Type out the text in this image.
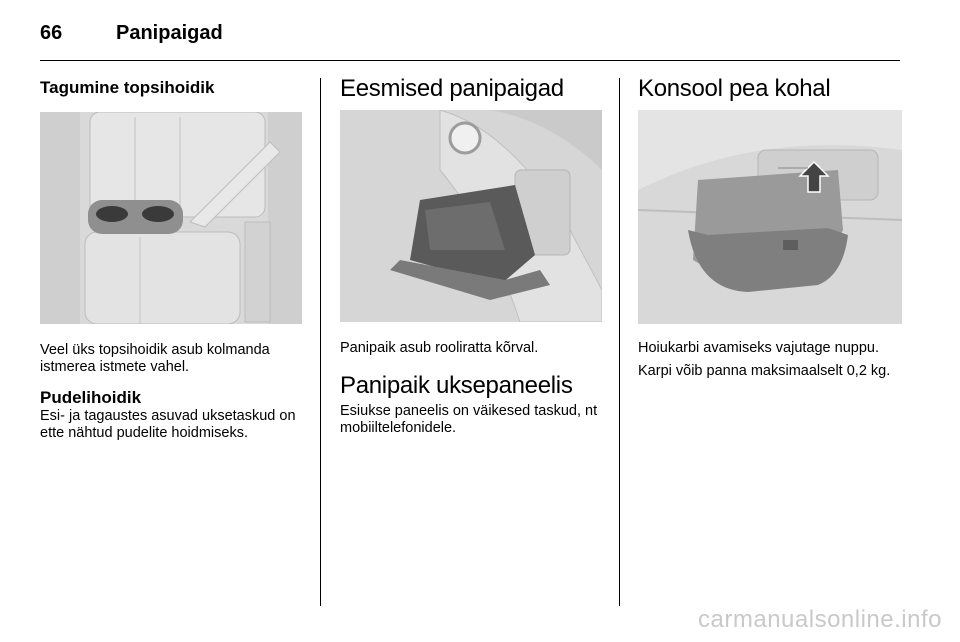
66	Panipaigad
Tagumine topsihoidik

Veel üks topsihoidik asub kolmanda istmerea istmete vahel.

Pudelihoidik

Esi- ja tagaustes asuvad uksetaskud on ette nähtud pudelite hoidmiseks.

Eesmised panipaigad

Panipaik asub rooliratta kõrval.

Panipaik uksepaneelis

Esiukse paneelis on väikesed taskud, nt mobiiltelefonidele.

Konsool pea kohal

Hoiukarbi avamiseks vajutage nuppu.

Karpi võib panna maksimaalselt 0,2 kg.

carmanualsonline.info
